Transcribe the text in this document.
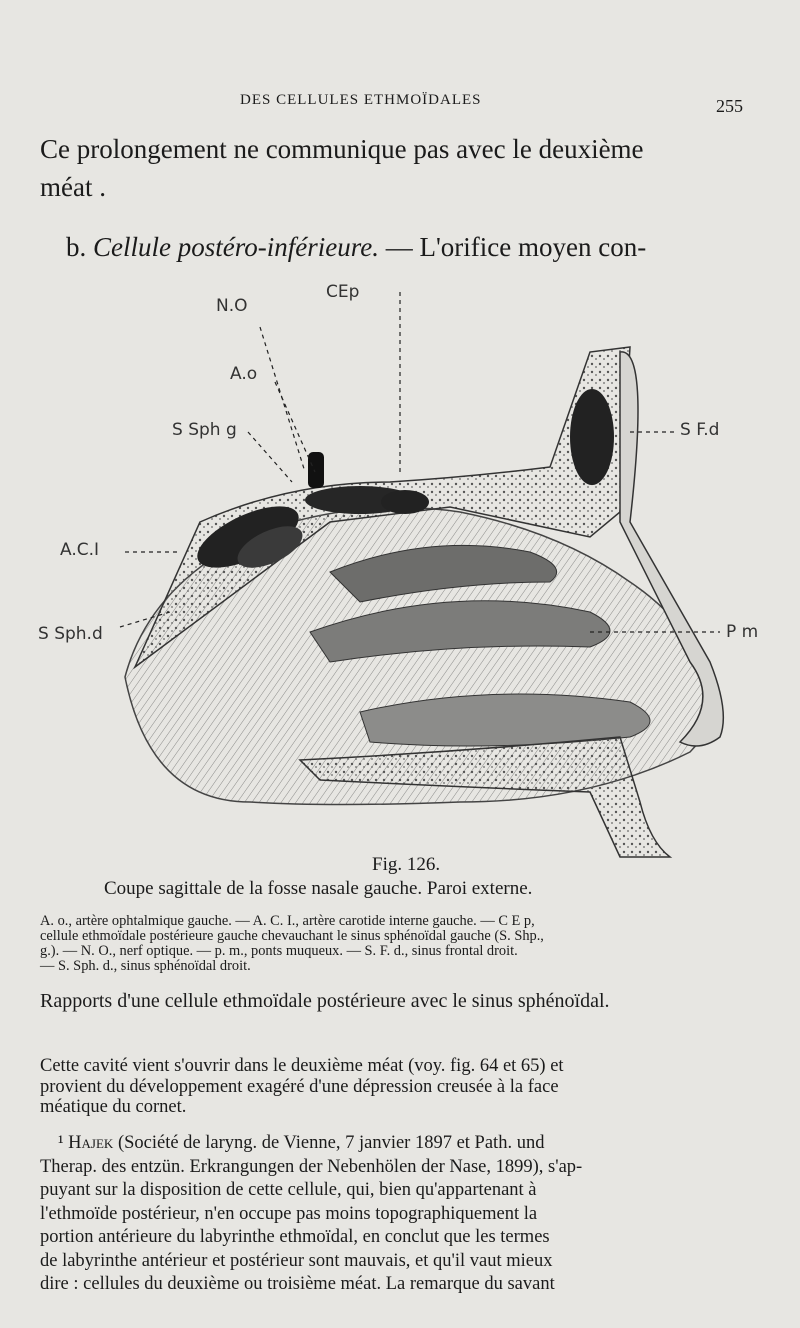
DES CELLULES ETHMOÏDALES	255
Ce prolongement ne communique pas avec le deuxième
méat .
b. Cellule postéro-inférieure. — L'orifice moyen con-
N.O
CEp
A.o
S Sph g	S F.d
A.C.I
S Sph.d	P m
Fig. 126.
Coupe sagittale de la fosse nasale gauche. Paroi externe.

A. o., artère ophtalmique gauche. — A. C. I., artère carotide interne gauche. — C E p,

cellule ethmoïdale postérieure gauche chevauchant le sinus sphénoïdal gauche (S. Shp.,

g.). — N. O., nerf optique. — p. m., ponts muqueux. — S. F. d., sinus frontal droit.

— S. Sph. d., sinus sphénoïdal droit.

Rapports d'une cellule ethmoïdale postérieure avec le sinus sphénoïdal.

Cette cavité vient s'ouvrir dans le deuxième méat (voy. fig. 64 et 65) et

provient du développement exagéré d'une dépression creusée à la face

méatique du cornet.

¹ Hajek (Société de laryng. de Vienne, 7 janvier 1897 et Path. und

Therap. des entzün. Erkrangungen der Nebenhölen der Nase, 1899), s'ap-

puyant sur la disposition de cette cellule, qui, bien qu'appartenant à

l'ethmoïde postérieur, n'en occupe pas moins topographiquement la

portion antérieure du labyrinthe ethmoïdal, en conclut que les termes

de labyrinthe antérieur et postérieur sont mauvais, et qu'il vaut mieux

dire : cellules du deuxième ou troisième méat. La remarque du savant
